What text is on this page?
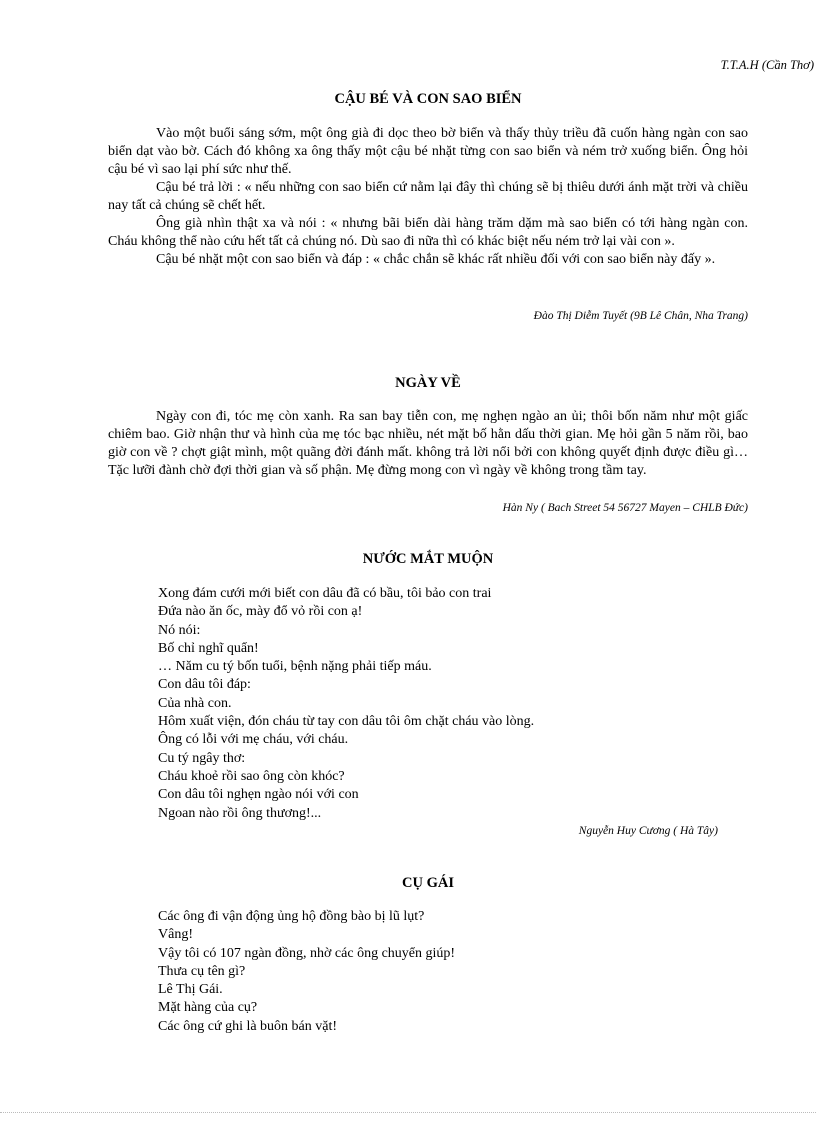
T.T.A.H (Cần Thơ)
CẬU BÉ VÀ CON SAO BIỂN

Vào một buổi sáng sớm, một ông già đi dọc theo bờ biển và thấy thủy triều đã cuốn hàng ngàn con sao biển dạt vào bờ. Cách đó không xa ông thấy một cậu bé nhặt từng con sao biển và ném trở xuống biển. Ông hỏi cậu bé vì sao lại phí sức như thế.

Cậu bé trả lời : « nếu những con sao biển cứ nằm lại đây thì chúng sẽ bị thiêu dưới ánh mặt trời và chiều nay tất cả chúng sẽ chết hết.

Ông già nhìn thật xa và nói : « nhưng bãi biển dài hàng trăm dặm mà sao biển có tới hàng ngàn con. Cháu không thể nào cứu hết tất cả chúng nó. Dù sao đi nữa thì có khác biệt nếu ném trở lại vài con ».

Cậu bé nhặt một con sao biển và đáp : « chắc chắn sẽ khác rất nhiều đối với con sao biển này đấy ».

Đào Thị Diễm Tuyết (9B Lê Chân, Nha Trang)
NGÀY VỀ

Ngày con đi, tóc mẹ còn xanh. Ra san bay tiễn con, mẹ nghẹn ngào an ủi; thôi bốn năm như một giấc chiêm bao. Giờ nhận thư và hình của mẹ tóc bạc nhiều, nét mặt bố hằn dấu thời gian. Mẹ hỏi gần 5 năm rồi, bao giờ con về ? chợt giật mình, một quãng đời đánh mất. không trả lời nổi bởi con không quyết định được điều gì… Tặc lưỡi đành chờ đợi thời gian và số phận. Mẹ đừng mong con vì ngày về không trong tầm tay.

Hàn Ny ( Bach Street 54 56727 Mayen – CHLB Đức)
NƯỚC MẮT MUỘN
Xong đám cưới mới biết con dâu đã có bầu, tôi bảo con trai
Đứa nào ăn ốc, mày đổ vỏ rồi con ạ!
Nó nói:
Bố chỉ nghĩ quẩn!
… Năm cu tý bốn tuổi, bệnh nặng phải tiếp máu.
Con dâu tôi đáp:
Của nhà con.
Hôm xuất viện, đón cháu từ tay con dâu tôi ôm chặt cháu vào lòng.
Ông có lỗi với mẹ cháu, với cháu.
Cu tý ngây thơ:
Cháu khoẻ rồi sao ông còn khóc?
Con dâu tôi nghẹn ngào nói với con
Ngoan nào rồi ông thương!...
Nguyễn Huy Cương ( Hà Tây)
CỤ GÁI
Các ông đi vận động ủng hộ đồng bào bị lũ lụt?
Vâng!
Vậy tôi có 107 ngàn đồng, nhờ các ông chuyển giúp!
Thưa cụ tên gì?
Lê Thị Gái.
Mặt hàng của cụ?
Các ông cứ ghi là buôn bán vặt!
